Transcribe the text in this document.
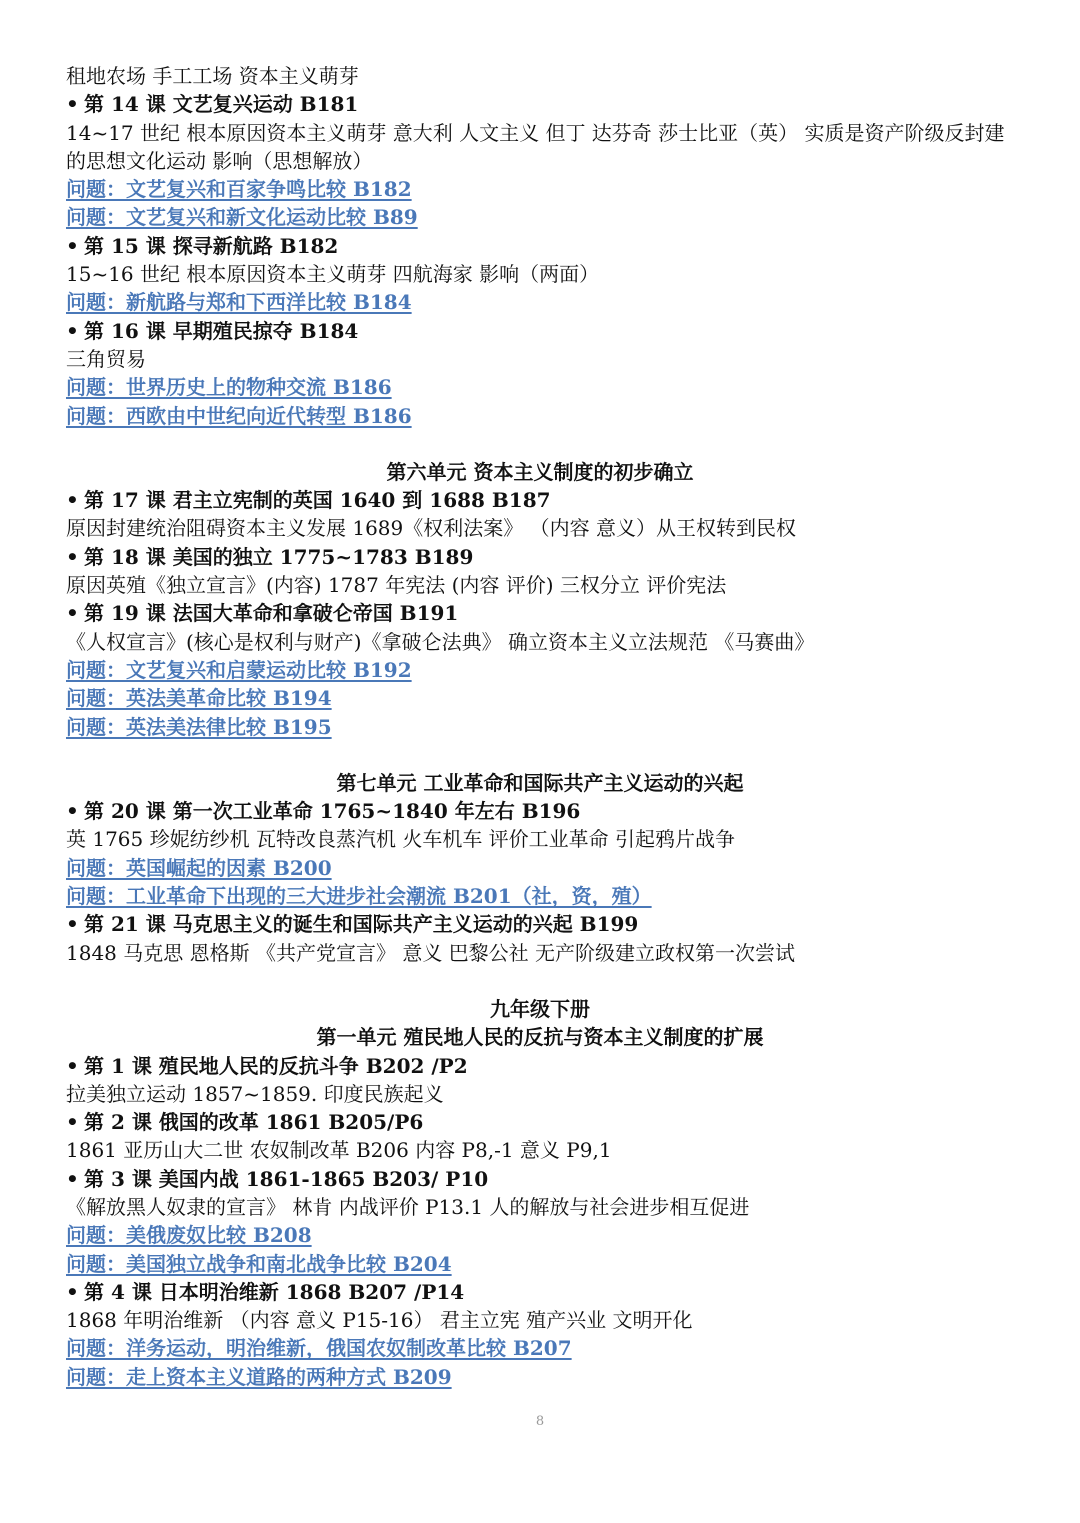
租地农场 手工工场 资本主义萌芽
• 第 14 课 文艺复兴运动 B181
14~17 世纪 根本原因资本主义萌芽 意大利 人文主义 但丁 达芬奇 莎士比亚（英） 实质是资产阶级反封建的思想文化运动 影响（思想解放）
问题：文艺复兴和百家争鸣比较 B182
问题：文艺复兴和新文化运动比较 B89
• 第 15 课 探寻新航路 B182
15~16 世纪 根本原因资本主义萌芽 四航海家 影响（两面）
问题：新航路与郑和下西洋比较 B184
• 第 16 课 早期殖民掠夺 B184
三角贸易
问题：世界历史上的物种交流 B186
问题：西欧由中世纪向近代转型 B186
第六单元 资本主义制度的初步确立
• 第 17 课 君主立宪制的英国 1640 到 1688 B187
原因封建统治阻碍资本主义发展 1689《权利法案》 （内容 意义）从王权转到民权
• 第 18 课 美国的独立 1775~1783 B189
原因英殖《独立宣言》(内容) 1787 年宪法 (内容 评价) 三权分立 评价宪法
• 第 19 课 法国大革命和拿破仑帝国 B191
《人权宣言》(核心是权利与财产)《拿破仑法典》 确立资本主义立法规范 《马赛曲》
问题：文艺复兴和启蒙运动比较 B192
问题：英法美革命比较 B194
问题：英法美法律比较 B195
第七单元 工业革命和国际共产主义运动的兴起
• 第 20 课 第一次工业革命 1765~1840 年左右 B196
英 1765 珍妮纺纱机 瓦特改良蒸汽机 火车机车 评价工业革命 引起鸦片战争
问题：英国崛起的因素 B200
问题：工业革命下出现的三大进步社会潮流 B201（社，资，殖）
• 第 21 课 马克思主义的诞生和国际共产主义运动的兴起 B199
1848 马克思 恩格斯 《共产党宣言》 意义 巴黎公社 无产阶级建立政权第一次尝试
九年级下册
第一单元 殖民地人民的反抗与资本主义制度的扩展
• 第 1 课 殖民地人民的反抗斗争 B202 /P2
拉美独立运动 1857~1859. 印度民族起义
• 第 2 课 俄国的改革 1861 B205/P6
1861 亚历山大二世 农奴制改革 B206 内容 P8,-1 意义 P9,1
• 第 3 课 美国内战 1861-1865 B203/ P10
《解放黑人奴隶的宣言》 林肯 内战评价 P13.1 人的解放与社会进步相互促进
问题：美俄废奴比较 B208
问题：美国独立战争和南北战争比较 B204
• 第 4 课 日本明治维新 1868 B207 /P14
1868 年明治维新 （内容 意义 P15-16） 君主立宪 殖产兴业 文明开化
问题：洋务运动，明治维新，俄国农奴制改革比较 B207
问题：走上资本主义道路的两种方式 B209
8
